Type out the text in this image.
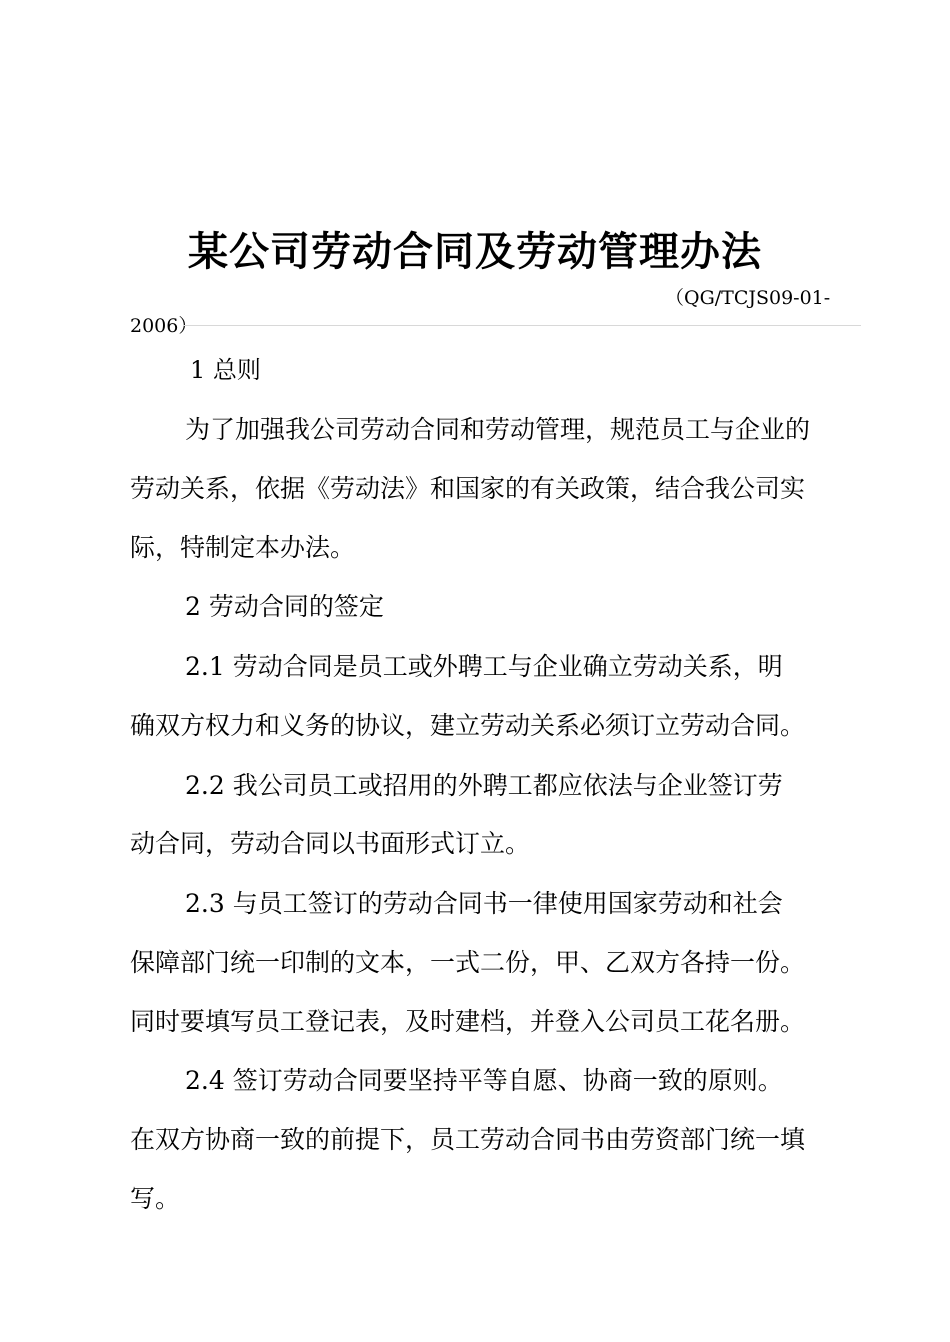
某公司劳动合同及劳动管理办法
（QG/TCJS09-01-
2006）
1 总则
为了加强我公司劳动合同和劳动管理，规范员工与企业的
劳动关系，依据《劳动法》和国家的有关政策，结合我公司实
际，特制定本办法。
2 劳动合同的签定
2.1 劳动合同是员工或外聘工与企业确立劳动关系，明
确双方权力和义务的协议，建立劳动关系必须订立劳动合同。
2.2 我公司员工或招用的外聘工都应依法与企业签订劳
动合同，劳动合同以书面形式订立。
2.3 与员工签订的劳动合同书一律使用国家劳动和社会
保障部门统一印制的文本，一式二份，甲、乙双方各持一份。
同时要填写员工登记表，及时建档，并登入公司员工花名册。
2.4 签订劳动合同要坚持平等自愿、协商一致的原则。
在双方协商一致的前提下，员工劳动合同书由劳资部门统一填
写。
